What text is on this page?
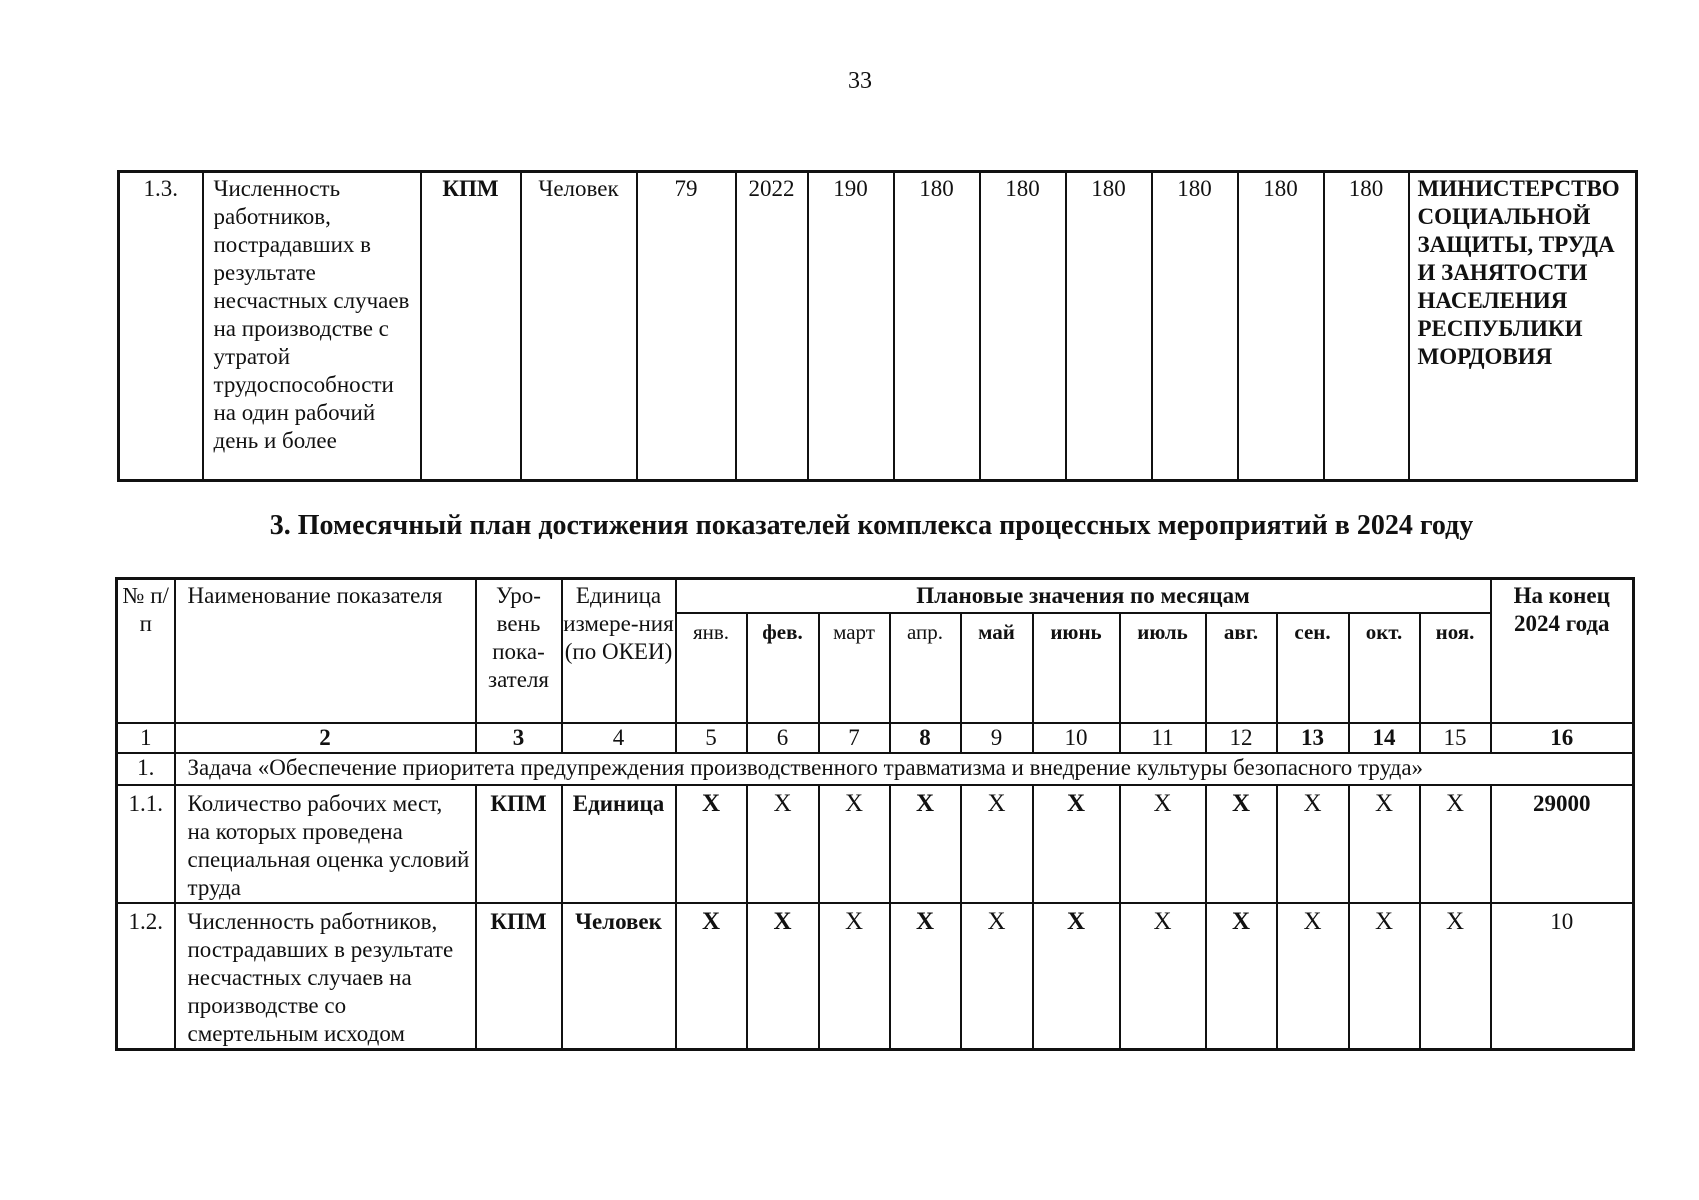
33
1.3.	Численность работников, пострадавших в результате несчастных случаев на производстве с утратой трудоспособности на один рабочий день и более	КПМ	Человек	79	2022	190	180	180	180	180	180	180	МИНИСТЕРСТВО СОЦИАЛЬНОЙ ЗАЩИТЫ, ТРУДА И ЗАНЯТОСТИ НАСЕЛЕНИЯ РЕСПУБЛИКИ МОРДОВИЯ
3. Помесячный план достижения показателей комплекса процессных мероприятий в 2024 году
№ п/п	Наименование показателя	Уро-вень пока-зателя	Единица измере-ния (по ОКЕИ)	Плановые значения по месяцам											На конец 2024 года
				янв.	фев.	март	апр.	май	июнь	июль	авг.	сен.	окт.	ноя.	
1	2	3	4	5	6	7	8	9	10	11	12	13	14	15	16
1.	Задача «Обеспечение приоритета предупреждения производственного травматизма и внедрение культуры безопасного труда»														
1.1.	Количество рабочих мест, на которых проведена специальная оценка условий труда	КПМ	Единица	X	X	X	X	X	X	X	X	X	X	X	29000
1.2.	Численность работников, пострадавших в результате несчастных случаев на производстве со смертельным исходом	КПМ	Человек	X	X	X	X	X	X	X	X	X	X	X	10
